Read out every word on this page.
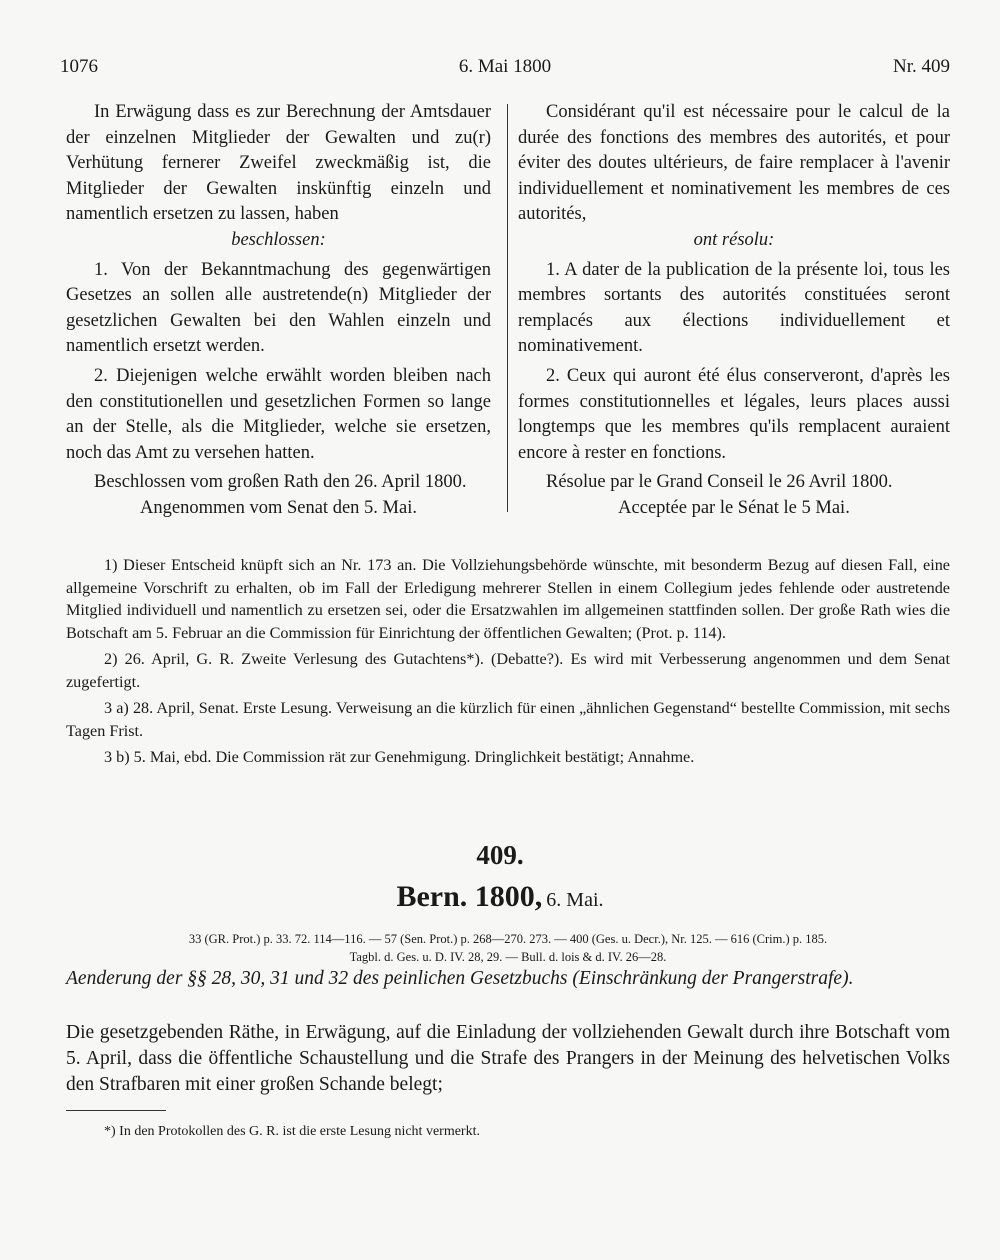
1076	6. Mai 1800	Nr. 409

In Erwägung dass es zur Berechnung der Amtsdauer der einzelnen Mitglieder der Gewalten und zu(r) Verhütung fernerer Zweifel zweckmäßig ist, die Mitglieder der Gewalten inskünftig einzeln und namentlich ersetzen zu lassen, haben

beschlossen:

1. Von der Bekanntmachung des gegenwärtigen Gesetzes an sollen alle austretende(n) Mitglieder der gesetzlichen Gewalten bei den Wahlen einzeln und namentlich ersetzt werden.

2. Diejenigen welche erwählt worden bleiben nach den constitutionellen und gesetzlichen Formen so lange an der Stelle, als die Mitglieder, welche sie ersetzen, noch das Amt zu versehen hatten.

Beschlossen vom großen Rath den 26. April 1800.

Angenommen vom Senat den 5. Mai.

Considérant qu'il est nécessaire pour le calcul de la durée des fonctions des membres des autorités, et pour éviter des doutes ultérieurs, de faire remplacer à l'avenir individuellement et nominativement les membres de ces autorités,

ont résolu:

1. A dater de la publication de la présente loi, tous les membres sortants des autorités constituées seront remplacés aux élections individuellement et nominativement.

2. Ceux qui auront été élus conserveront, d'après les formes constitutionnelles et légales, leurs places aussi longtemps que les membres qu'ils remplacent auraient encore à rester en fonctions.

Résolue par le Grand Conseil le 26 Avril 1800.

Acceptée par le Sénat le 5 Mai.

1) Dieser Entscheid knüpft sich an Nr. 173 an. Die Vollziehungsbehörde wünschte, mit besonderm Bezug auf diesen Fall, eine allgemeine Vorschrift zu erhalten, ob im Fall der Erledigung mehrerer Stellen in einem Collegium jedes fehlende oder austretende Mitglied individuell und namentlich zu ersetzen sei, oder die Ersatzwahlen im allgemeinen stattfinden sollen. Der große Rath wies die Botschaft am 5. Februar an die Commission für Einrichtung der öffentlichen Gewalten; (Prot. p. 114).

2) 26. April, G. R. Zweite Verlesung des Gutachtens*). (Debatte?). Es wird mit Verbesserung angenommen und dem Senat zugefertigt.

3 a) 28. April, Senat. Erste Lesung. Verweisung an die kürzlich für einen „ähnlichen Gegenstand“ bestellte Commission, mit sechs Tagen Frist.

3 b) 5. Mai, ebd. Die Commission rät zur Genehmigung. Dringlichkeit bestätigt; Annahme.

409.
Bern. 1800, 6. Mai.
33 (GR. Prot.) p. 33. 72. 114—116. — 57 (Sen. Prot.) p. 268—270. 273. — 400 (Ges. u. Decr.), Nr. 125. — 616 (Crim.) p. 185.
Tagbl. d. Ges. u. D. IV. 28, 29. — Bull. d. lois & d. IV. 26—28.
Aenderung der §§ 28, 30, 31 und 32 des peinlichen Gesetzbuchs (Einschränkung der Prangerstrafe).
Die gesetzgebenden Räthe, in Erwägung, auf die Einladung der vollziehenden Gewalt durch ihre Botschaft vom 5. April, dass die öffentliche Schaustellung und die Strafe des Prangers in der Meinung des helvetischen Volks den Strafbaren mit einer großen Schande belegt;
*) In den Protokollen des G. R. ist die erste Lesung nicht vermerkt.
